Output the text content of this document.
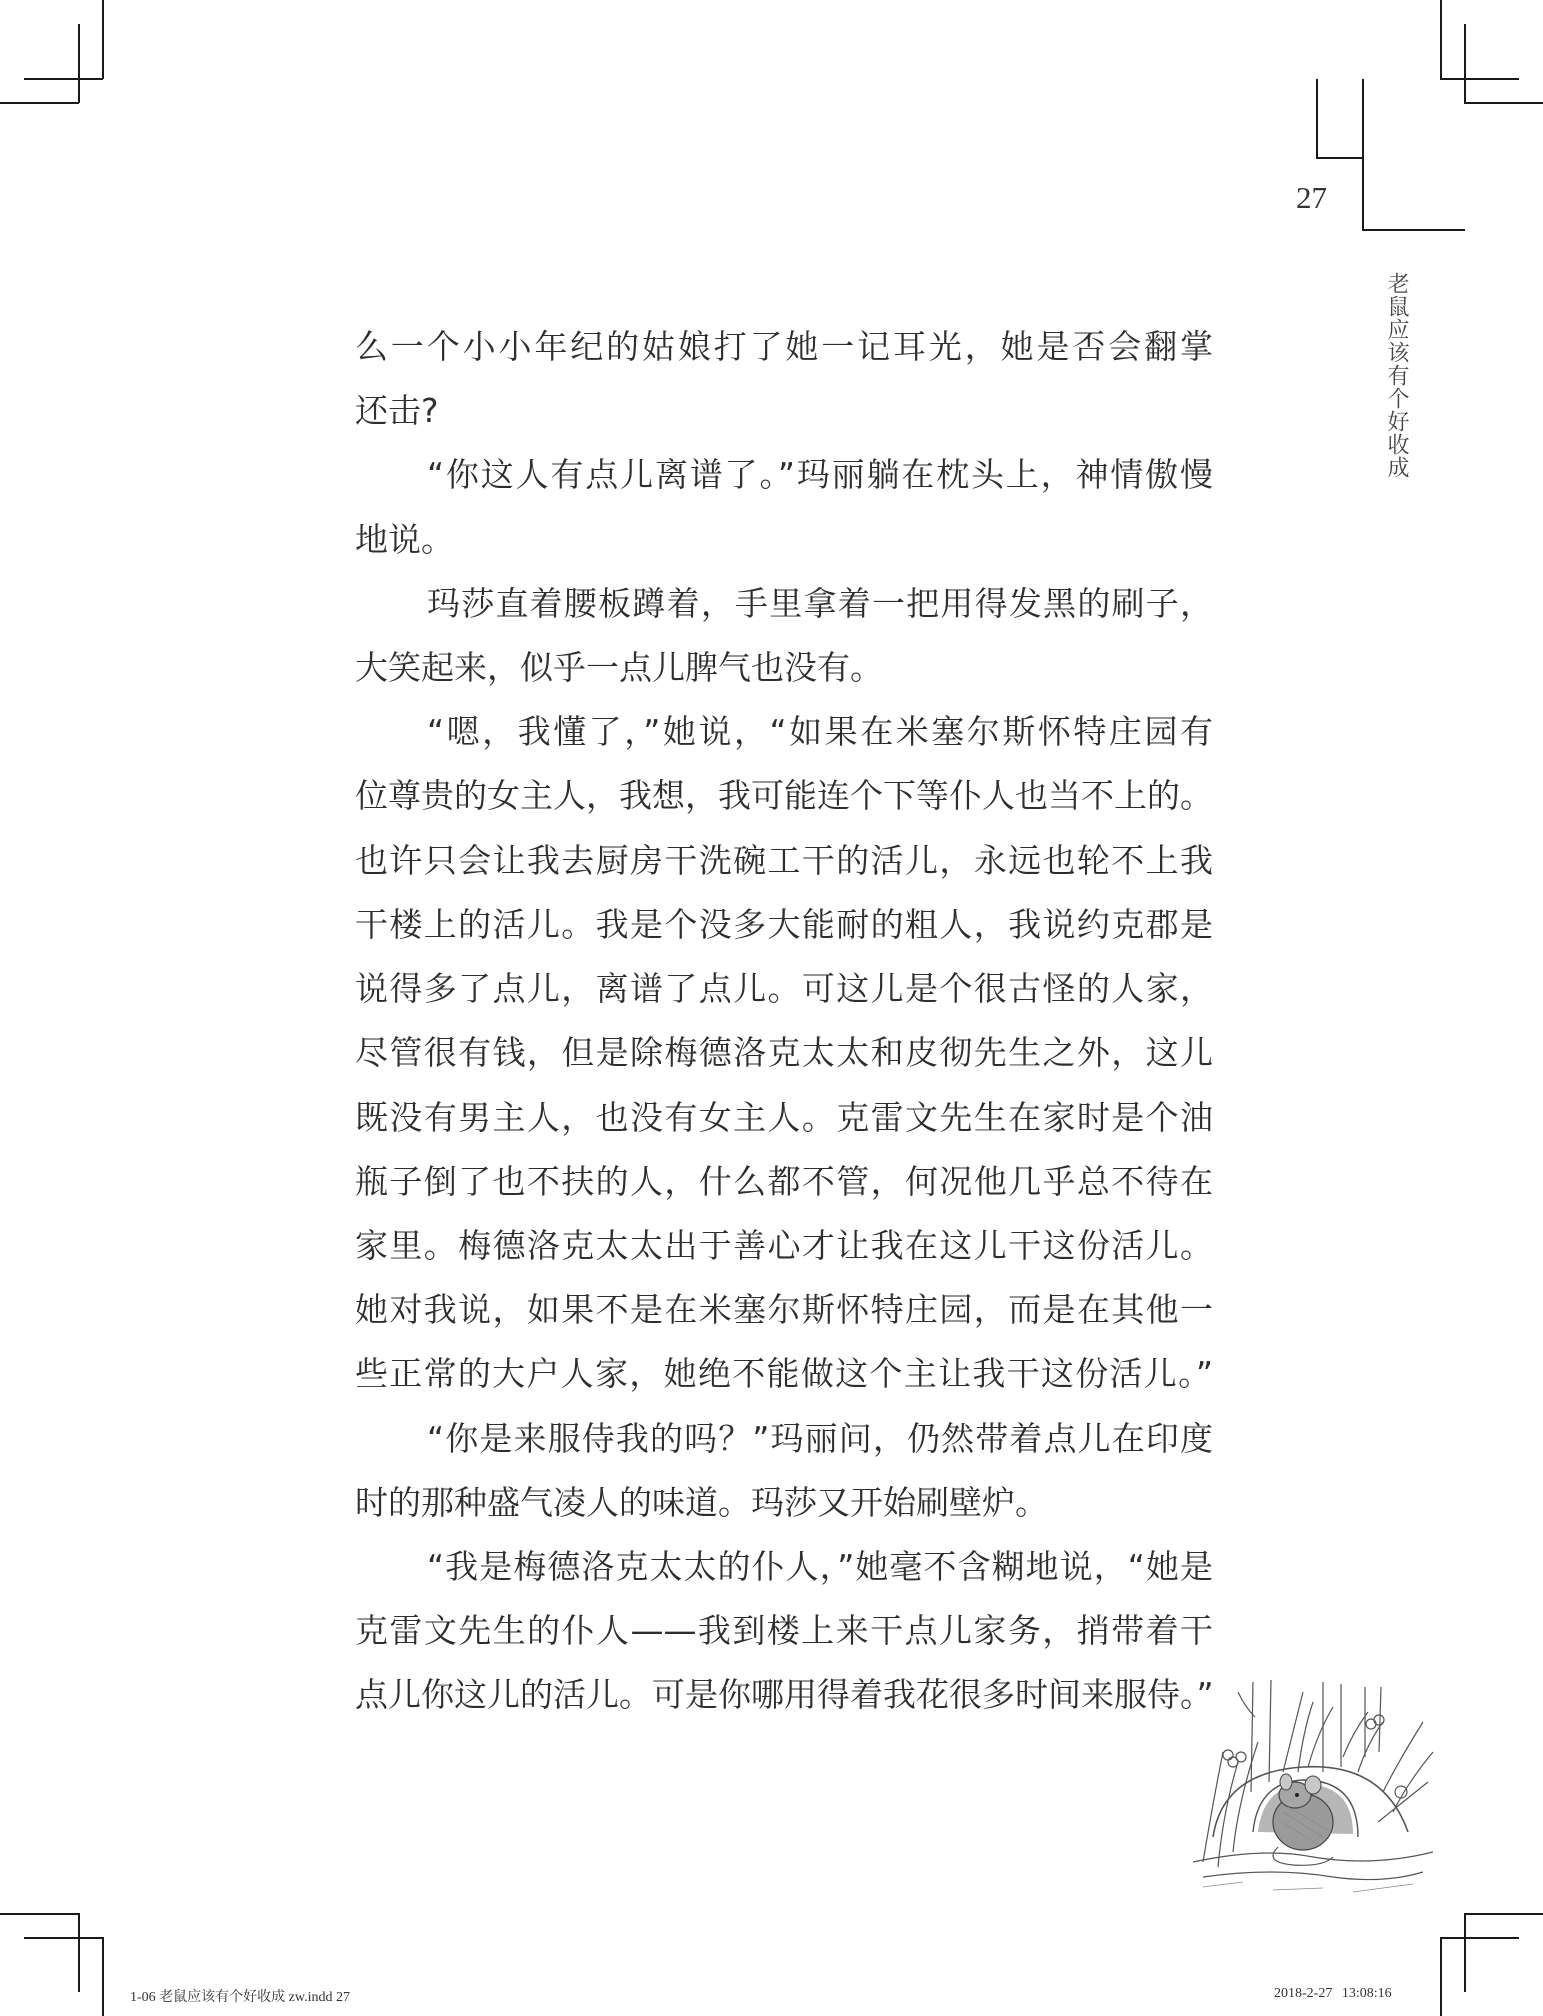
27
老鼠应该有个好收成
么一个小小年纪的姑娘打了她一记耳光，她是否会翻掌
还击?
“你这人有点儿离谱了。”玛丽躺在枕头上，神情傲慢
地说。
玛莎直着腰板蹲着，手里拿着一把用得发黑的刷子，
大笑起来，似乎一点儿脾气也没有。
“嗯，我懂了，”她说，“如果在米塞尔斯怀特庄园有
位尊贵的女主人，我想，我可能连个下等仆人也当不上的。
也许只会让我去厨房干洗碗工干的活儿，永远也轮不上我
干楼上的活儿。我是个没多大能耐的粗人，我说约克郡是
说得多了点儿，离谱了点儿。可这儿是个很古怪的人家，
尽管很有钱，但是除梅德洛克太太和皮彻先生之外，这儿
既没有男主人，也没有女主人。克雷文先生在家时是个油
瓶子倒了也不扶的人，什么都不管，何况他几乎总不待在
家里。梅德洛克太太出于善心才让我在这儿干这份活儿。
她对我说，如果不是在米塞尔斯怀特庄园，而是在其他一
些正常的大户人家，她绝不能做这个主让我干这份活儿。”
“你是来服侍我的吗？”玛丽问，仍然带着点儿在印度
时的那种盛气凌人的味道。玛莎又开始刷壁炉。
“我是梅德洛克太太的仆人，”她毫不含糊地说，“她是
克雷文先生的仆人——我到楼上来干点儿家务，捎带着干
点儿你这儿的活儿。可是你哪用得着我花很多时间来服侍。”
1-06 老鼠应该有个好收成 zw.indd 27	2018-2-27 13:08:16
